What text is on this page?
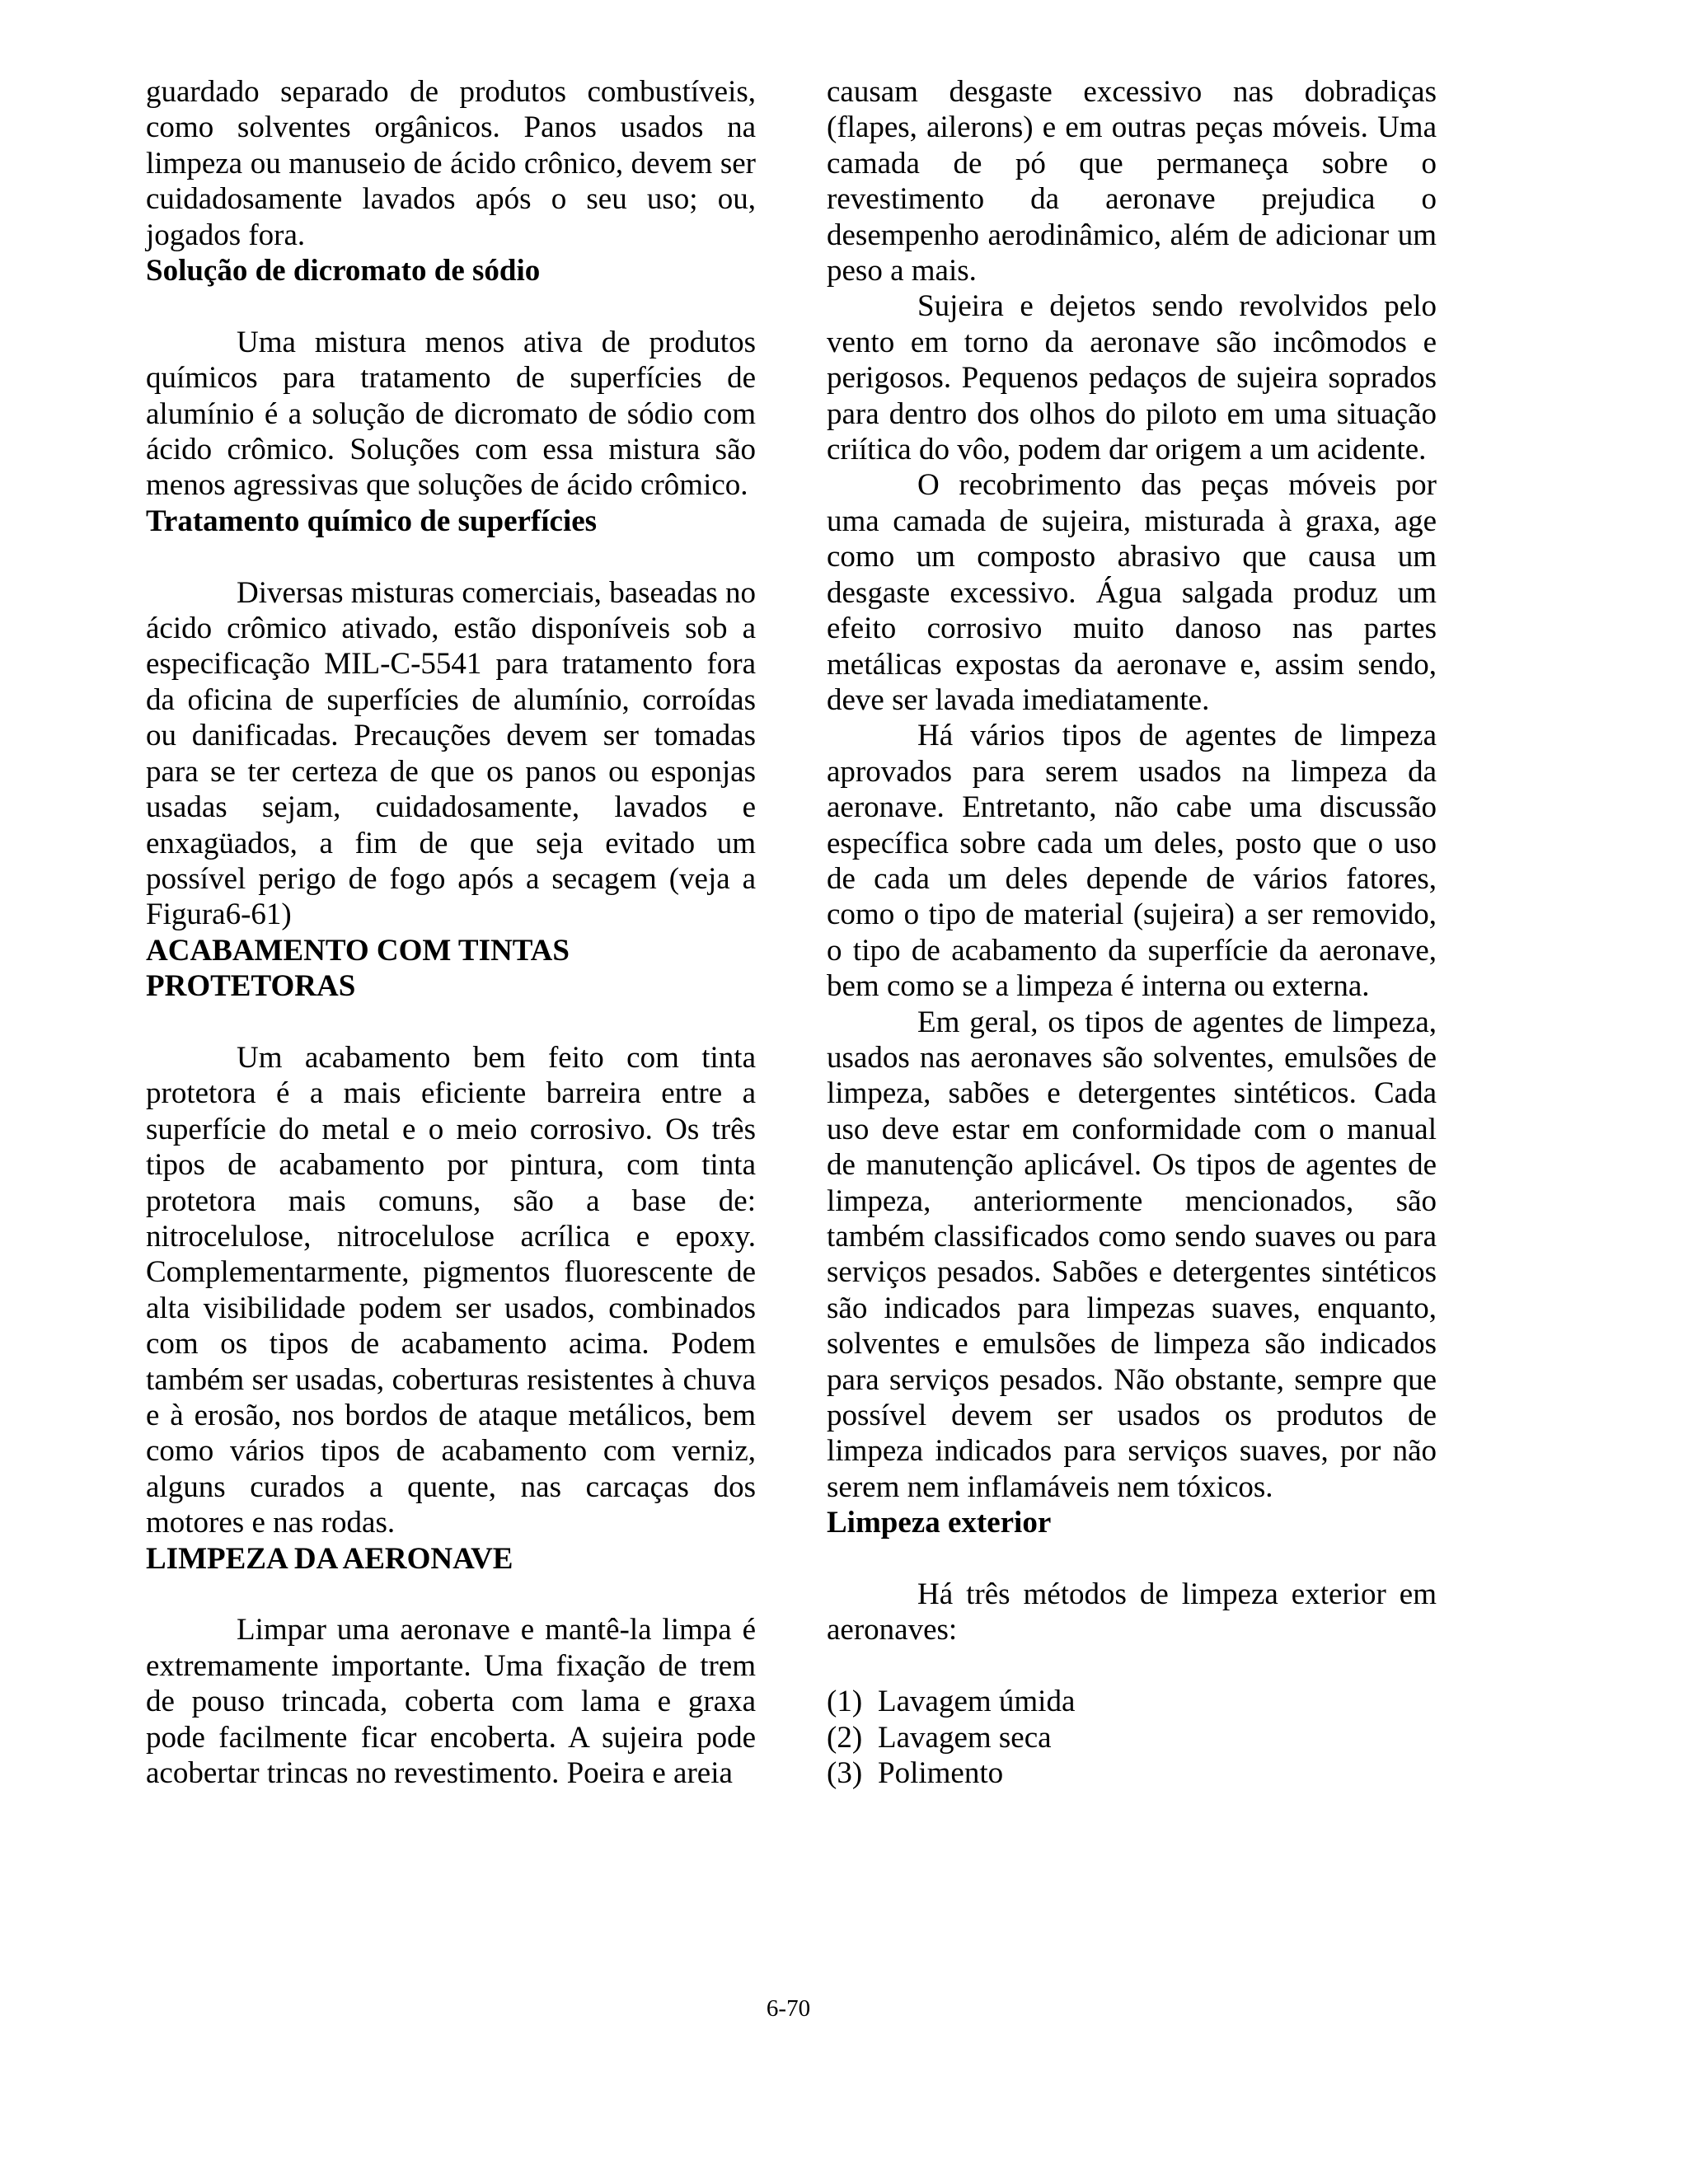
guardado separado de produtos combustíveis, como solventes orgânicos. Panos usados na limpeza ou manuseio de ácido crônico, devem ser cuidadosamente lavados após o seu uso; ou, jogados fora.

Solução de dicromato de sódio

Uma mistura menos ativa de produtos químicos para tratamento de superfícies de alumínio é a solução de dicromato de sódio com ácido crômico. Soluções com essa mistura são menos agressivas que soluções de ácido crômico.

Tratamento químico de superfícies

Diversas misturas comerciais, baseadas no ácido crômico ativado, estão disponíveis sob a especificação MIL-C-5541 para tratamento fora da oficina de superfícies de alumínio, corroídas ou danificadas. Precauções devem ser tomadas para se ter certeza de que os panos ou esponjas usadas sejam, cuidadosamente, lavados e enxagüados, a fim de que seja evitado um possível perigo de fogo após a secagem (veja a Figura6-61)

ACABAMENTO COM TINTAS PROTETORAS

Um acabamento bem feito com tinta protetora é a mais eficiente barreira entre a superfície do metal e o meio corrosivo. Os três tipos de acabamento por pintura, com tinta protetora mais comuns, são a base de: nitrocelulose, nitrocelulose acrílica e epoxy. Complementarmente, pigmentos fluorescente de alta visibilidade podem ser usados, combinados com os tipos de acabamento acima. Podem também ser usadas, coberturas resistentes à chuva e à erosão, nos bordos de ataque metálicos, bem como vários tipos de acabamento com verniz, alguns curados a quente, nas carcaças dos motores e nas rodas.

LIMPEZA DA AERONAVE

Limpar uma aeronave e mantê-la limpa é extremamente importante. Uma fixação de trem de pouso trincada, coberta com lama e graxa pode facilmente ficar encoberta. A sujeira pode acobertar trincas no revestimento. Poeira e areia

causam desgaste excessivo nas dobradiças (flapes, ailerons) e em outras peças móveis. Uma camada de pó que permaneça sobre o revestimento da aeronave prejudica o desempenho aerodinâmico, além de adicionar um peso a mais.

Sujeira e dejetos sendo revolvidos pelo vento em torno da aeronave são incômodos e perigosos. Pequenos pedaços de sujeira soprados para dentro dos olhos do piloto em uma situação criítica do vôo, podem dar origem a um acidente.

O recobrimento das peças móveis por uma camada de sujeira, misturada à graxa, age como um composto abrasivo que causa um desgaste excessivo. Água salgada produz um efeito corrosivo muito danoso nas partes metálicas expostas da aeronave e, assim sendo, deve ser lavada imediatamente.

Há vários tipos de agentes de limpeza aprovados para serem usados na limpeza da aeronave. Entretanto, não cabe uma discussão específica sobre cada um deles, posto que o uso de cada um deles depende de vários fatores, como o tipo de material (sujeira) a ser removido, o tipo de acabamento da superfície da aeronave, bem como se a limpeza é interna ou externa.

Em geral, os tipos de agentes de limpeza, usados nas aeronaves são solventes, emulsões de limpeza, sabões e detergentes sintéticos. Cada uso deve estar em conformidade com o manual de manutenção aplicável. Os tipos de agentes de limpeza, anteriormente mencionados, são também classificados como sendo suaves ou para serviços pesados. Sabões e detergentes sintéticos são indicados para limpezas suaves, enquanto, solventes e emulsões de limpeza são indicados para serviços pesados. Não obstante, sempre que possível devem ser usados os produtos de limpeza indicados para serviços suaves, por não serem nem inflamáveis nem tóxicos.

Limpeza exterior

Há três métodos de limpeza exterior em aeronaves:

(1) Lavagem úmida
(2) Lavagem seca
(3) Polimento
6-70
